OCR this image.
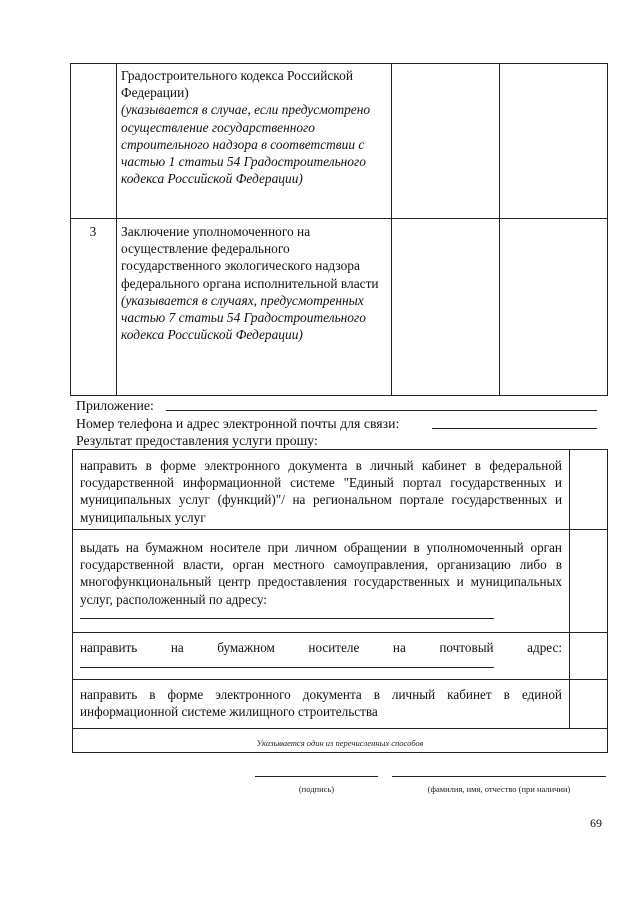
Градостроительного кодекса Российской Федерации)
(указывается в случае, если предусмотрено осуществление государственного строительного надзора в соответствии с частью 1 статьи 54 Градостроительного кодекса Российской Федерации)
3	Заключение уполномоченного на осуществление федерального государственного экологического надзора федерального органа исполнительной власти
(указывается в случаях, предусмотренных частью 7 статьи 54 Градостроительного кодекса Российской Федерации)
Приложение:
Номер телефона и адрес электронной почты для связи:
Результат предоставления услуги прошу:
направить в форме электронного документа в личный кабинет в федеральной государственной информационной системе "Единый портал государственных и муниципальных услуг (функций)"/ на региональном портале государственных и муниципальных услуг
выдать на бумажном носителе при личном обращении в уполномоченный орган государственной власти, орган местного самоуправления, организацию либо в многофункциональный центр предоставления государственных и муниципальных услуг, расположенный по адресу:
направить на бумажном носителе на почтовый адрес:
направить в форме электронного документа в личный кабинет в единой информационной системе жилищного строительства
Указывается один из перечисленных способов
(подпись)	(фамилия, имя, отчество (при наличии)
69
